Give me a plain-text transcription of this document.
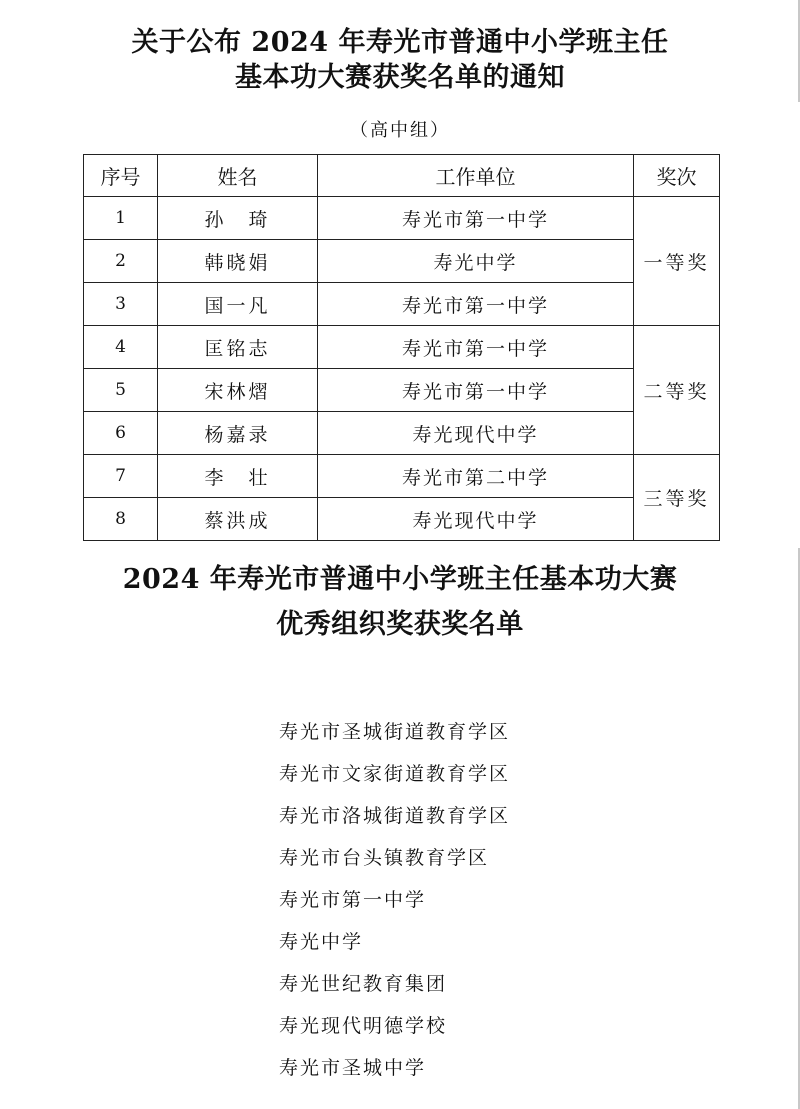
关于公布 2024 年寿光市普通中小学班主任
基本功大赛获奖名单的通知
（高中组）
序号	姓名	工作单位	奖次
1	孙　琦	寿光市第一中学	一等奖
2	韩晓娟	寿光中学	
3	国一凡	寿光市第一中学	
4	匡铭志	寿光市第一中学	二等奖
5	宋林熠	寿光市第一中学	
6	杨嘉录	寿光现代中学	
7	李　壮	寿光市第二中学	三等奖
8	蔡洪成	寿光现代中学	
2024 年寿光市普通中小学班主任基本功大赛
优秀组织奖获奖名单
寿光市圣城街道教育学区
寿光市文家街道教育学区
寿光市洛城街道教育学区
寿光市台头镇教育学区
寿光市第一中学
寿光中学
寿光世纪教育集团
寿光现代明德学校
寿光市圣城中学
